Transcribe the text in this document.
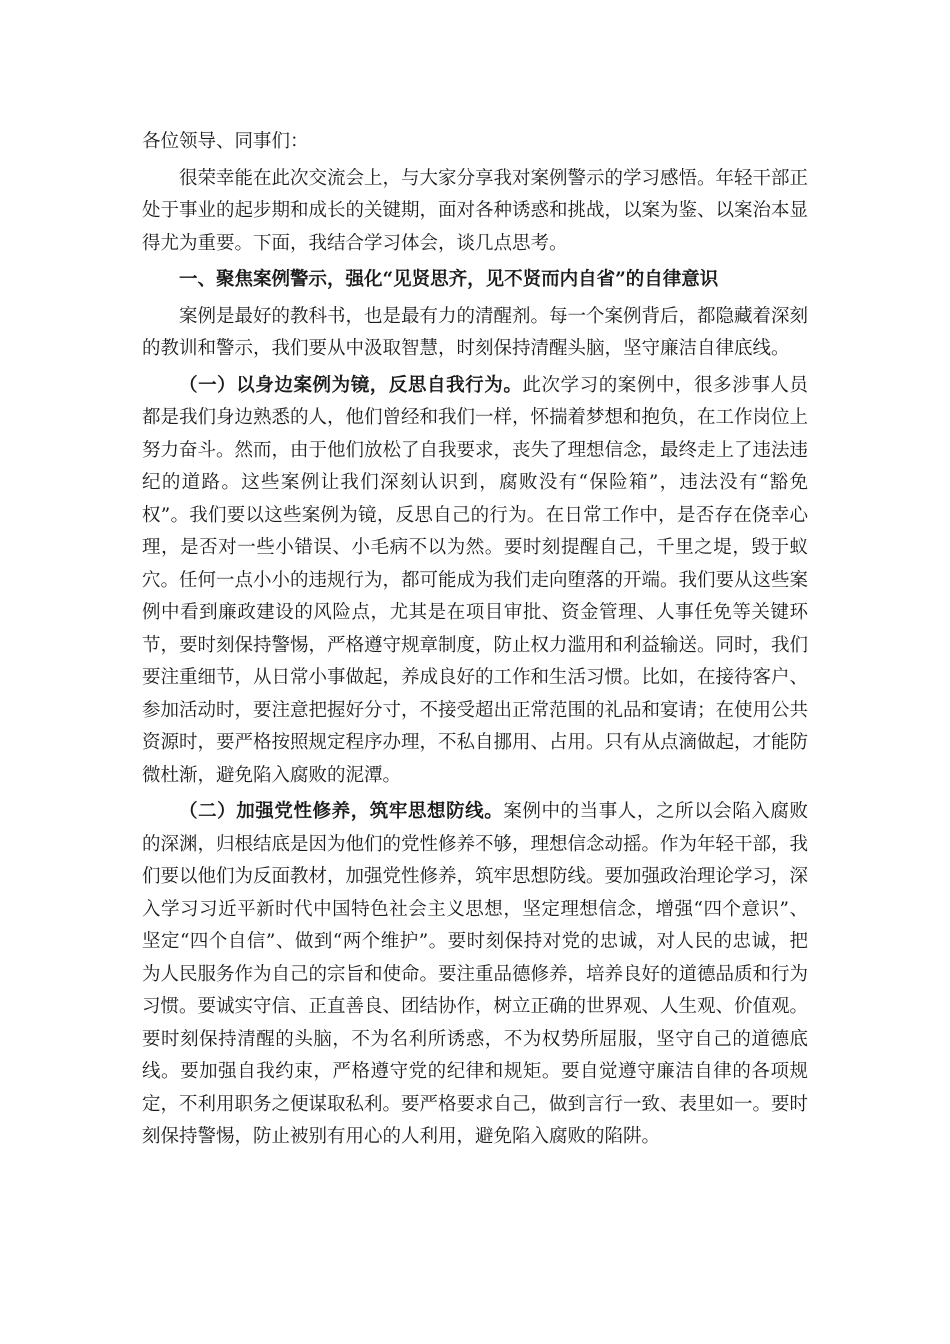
各位领导、同事们：

很荣幸能在此次交流会上，与大家分享我对案例警示的学习感悟。年轻干部正处于事业的起步期和成长的关键期，面对各种诱惑和挑战，以案为鉴、以案治本显得尤为重要。下面，我结合学习体会，谈几点思考。

一、聚焦案例警示，强化“见贤思齐，见不贤而内自省”的自律意识

案例是最好的教科书，也是最有力的清醒剂。每一个案例背后，都隐藏着深刻的教训和警示，我们要从中汲取智慧，时刻保持清醒头脑，坚守廉洁自律底线。

（一）以身边案例为镜，反思自我行为。此次学习的案例中，很多涉事人员都是我们身边熟悉的人，他们曾经和我们一样，怀揣着梦想和抱负，在工作岗位上努力奋斗。然而，由于他们放松了自我要求，丧失了理想信念，最终走上了违法违纪的道路。这些案例让我们深刻认识到，腐败没有“保险箱”，违法没有“豁免权”。我们要以这些案例为镜，反思自己的行为。在日常工作中，是否存在侥幸心理，是否对一些小错误、小毛病不以为然。要时刻提醒自己，千里之堤，毁于蚁穴。任何一点小小的违规行为，都可能成为我们走向堕落的开端。我们要从这些案例中看到廉政建设的风险点，尤其是在项目审批、资金管理、人事任免等关键环节，要时刻保持警惕，严格遵守规章制度，防止权力滥用和利益输送。同时，我们要注重细节，从日常小事做起，养成良好的工作和生活习惯。比如，在接待客户、参加活动时，要注意把握好分寸，不接受超出正常范围的礼品和宴请；在使用公共资源时，要严格按照规定程序办理，不私自挪用、占用。只有从点滴做起，才能防微杜渐，避免陷入腐败的泥潭。

（二）加强党性修养，筑牢思想防线。案例中的当事人，之所以会陷入腐败的深渊，归根结底是因为他们的党性修养不够，理想信念动摇。作为年轻干部，我们要以他们为反面教材，加强党性修养，筑牢思想防线。要加强政治理论学习，深入学习习近平新时代中国特色社会主义思想，坚定理想信念，增强“四个意识”、坚定“四个自信”、做到“两个维护”。要时刻保持对党的忠诚，对人民的忠诚，把为人民服务作为自己的宗旨和使命。要注重品德修养，培养良好的道德品质和行为习惯。要诚实守信、正直善良、团结协作，树立正确的世界观、人生观、价值观。要时刻保持清醒的头脑，不为名利所诱惑，不为权势所屈服，坚守自己的道德底线。要加强自我约束，严格遵守党的纪律和规矩。要自觉遵守廉洁自律的各项规定，不利用职务之便谋取私利。要严格要求自己，做到言行一致、表里如一。要时刻保持警惕，防止被别有用心的人利用，避免陷入腐败的陷阱。
